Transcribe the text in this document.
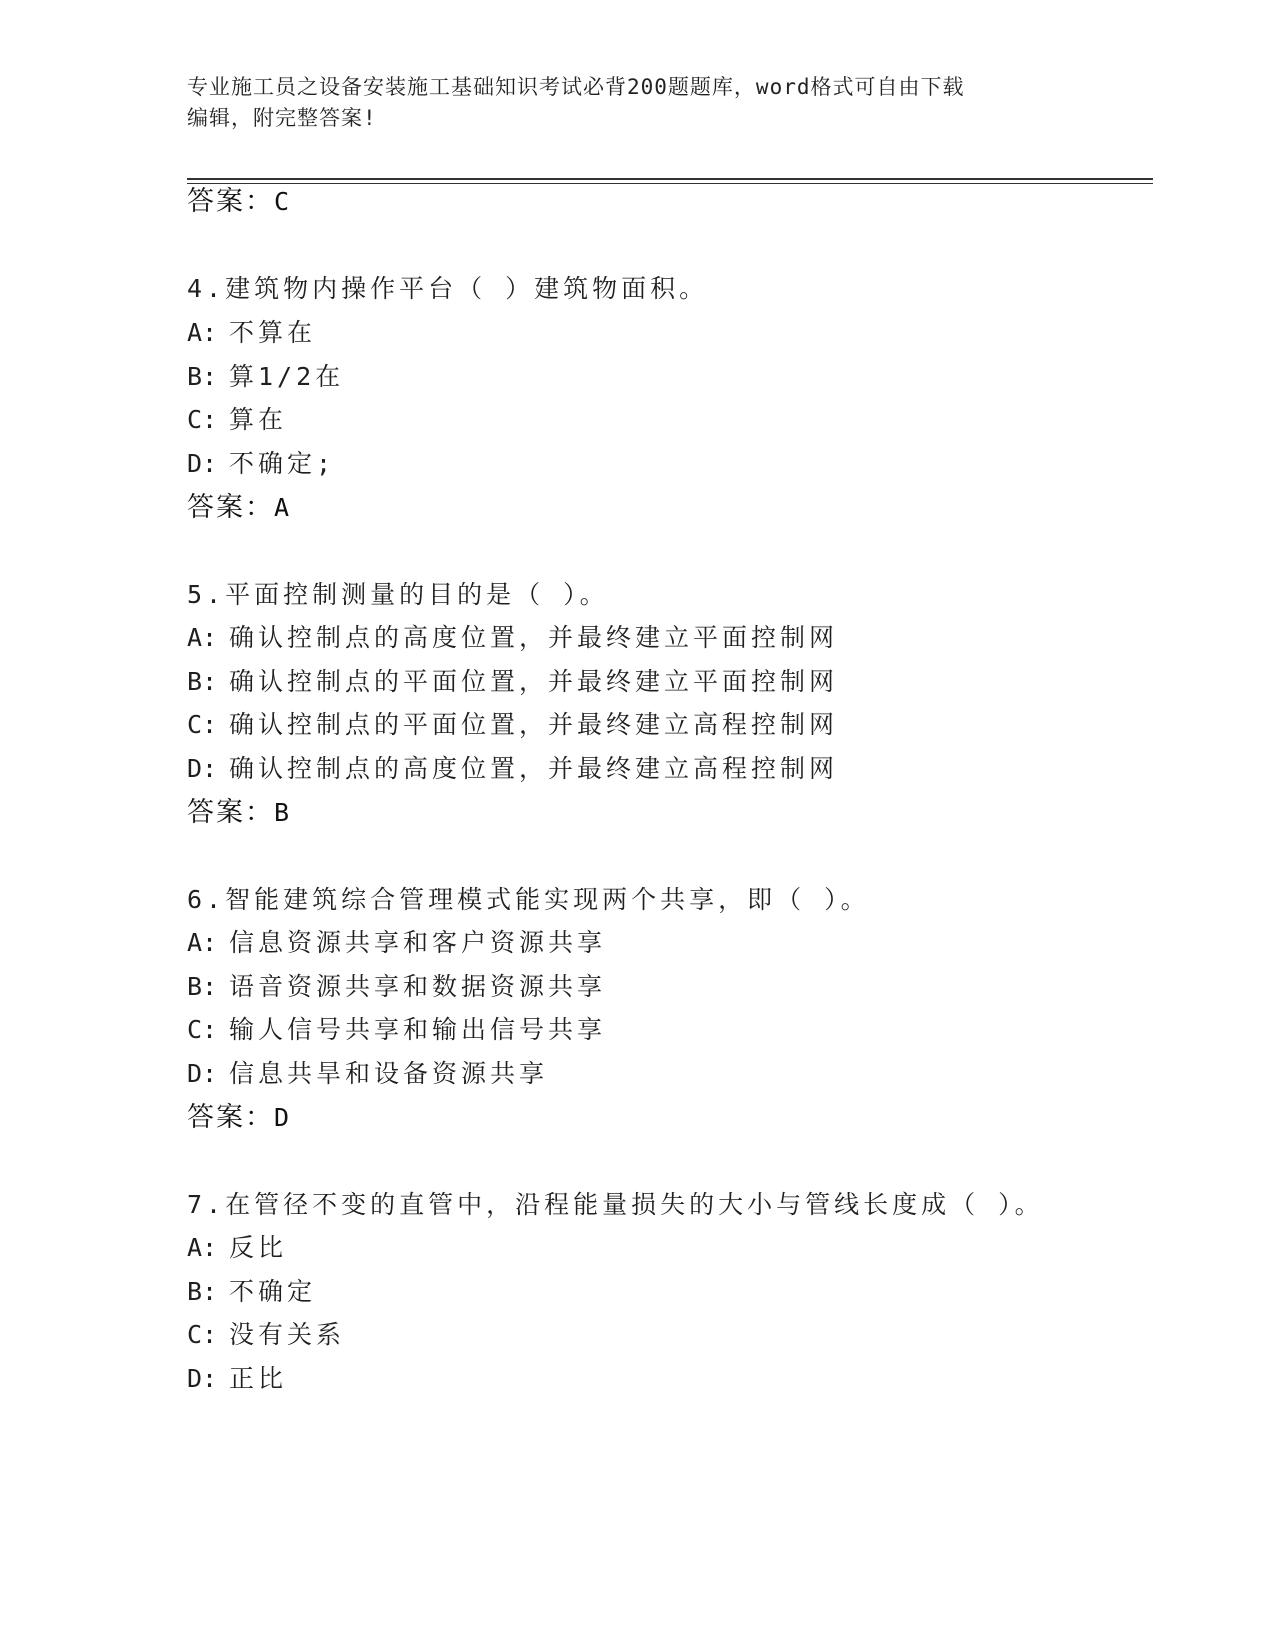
专业施工员之设备安装施工基础知识考试必背200题题库，word格式可自由下载
编辑，附完整答案!
答案：C
4.建筑物内操作平台（ ）建筑物面积。
A: 不算在
B: 算1/2在
C: 算在
D: 不确定;
答案：A
5.平面控制测量的目的是（ ）。
A: 确认控制点的高度位置，并最终建立平面控制网
B: 确认控制点的平面位置，并最终建立平面控制网
C: 确认控制点的平面位置，并最终建立高程控制网
D: 确认控制点的高度位置，并最终建立高程控制网
答案：B
6.智能建筑综合管理模式能实现两个共享，即（ ）。
A: 信息资源共享和客户资源共享
B: 语音资源共享和数据资源共享
C: 输人信号共享和输出信号共享
D: 信息共旱和设备资源共享
答案：D
7.在管径不变的直管中，沿程能量损失的大小与管线长度成（ ）。
A: 反比
B: 不确定
C: 没有关系
D: 正比
